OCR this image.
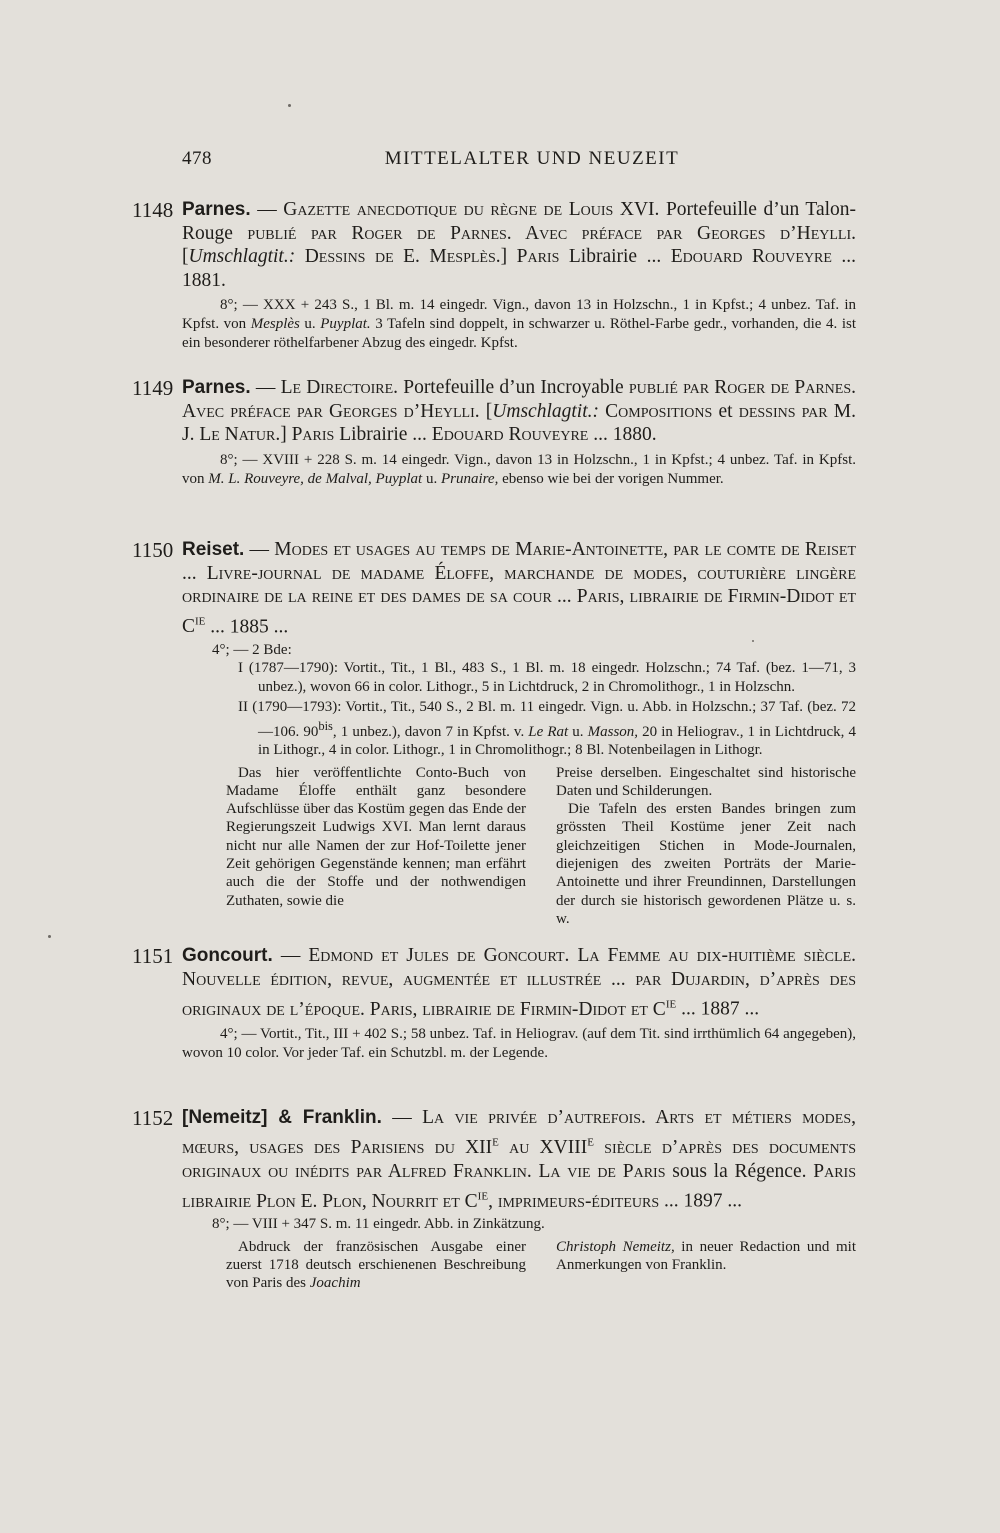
478	MITTELALTER UND NEUZEIT
1148 Parnes. — Gazette anecdotique du règne de Louis XVI. Portefeuille d’un Talon-Rouge publié par Roger de Parnes. Avec préface par Georges d’Heylli. [Umschlagtit.: Dessins de E. Mesplès.] Paris Librairie ... Edouard Rouveyre ... 1881.
8°; — XXX + 243 S., 1 Bl. m. 14 eingedr. Vign., davon 13 in Holzschn., 1 in Kpfst.; 4 unbez. Taf. in Kpfst. von Mesplès u. Puyplat. 3 Tafeln sind doppelt, in schwarzer u. Röthel-Farbe gedr., vorhanden, die 4. ist ein besonderer röthelfarbener Abzug des eingedr. Kpfst.
1149 Parnes. — Le Directoire. Portefeuille d’un Incroyable publié par Roger de Parnes. Avec préface par Georges d’Heylli. [Umschlagtit.: Compositions et dessins par M. J. Le Natur.] Paris Librairie ... Edouard Rouveyre ... 1880.
8°; — XVIII + 228 S. m. 14 eingedr. Vign., davon 13 in Holzschn., 1 in Kpfst.; 4 unbez. Taf. in Kpfst. von M. L. Rouveyre, de Malval, Puyplat u. Prunaire, ebenso wie bei der vorigen Nummer.
1150 Reiset. — Modes et usages au temps de Marie-Antoinette, par le comte de Reiset ... Livre-journal de madame Éloffe, marchande de modes, couturière lingère ordinaire de la reine et des dames de sa cour ... Paris, librairie de Firmin-Didot et $C^{ie}$ ... 1885 ...
4°; — 2 Bde:
I (1787—1790): Vortit., Tit., 1 Bl., 483 S., 1 Bl. m. 18 eingedr. Holzschn.; 74 Taf. (bez. 1—71, 3 unbez.), wovon 66 in color. Lithogr., 5 in Lichtdruck, 2 in Chromolithogr., 1 in Holzschn.
II (1790—1793): Vortit., Tit., 540 S., 2 Bl. m. 11 eingedr. Vign. u. Abb. in Holzschn.; 37 Taf. (bez. 72—106. $90^{bis}$, 1 unbez.), davon 7 in Kpfst. v. Le Rat u. Masson, 20 in Heliograv., 1 in Lichtdruck, 4 in Lithogr., 4 in color. Lithogr., 1 in Chromolithogr.; 8 Bl. Notenbeilagen in Lithogr.

Das hier veröffentlichte Conto-Buch von Madame Éloffe enthält ganz besondere Aufschlüsse über das Kostüm gegen das Ende der Regierungszeit Ludwigs XVI. Man lernt daraus nicht nur alle Namen der zur Hof-Toilette jener Zeit gehörigen Gegenstände kennen; man erfährt auch die der Stoffe und der nothwendigen Zuthaten, sowie die

Preise derselben. Eingeschaltet sind historische Daten und Schilderungen.

Die Tafeln des ersten Bandes bringen zum grössten Theil Kostüme jener Zeit nach gleichzeitigen Stichen in Mode-Journalen, diejenigen des zweiten Porträts der Marie-Antoinette und ihrer Freundinnen, Darstellungen der durch sie historisch gewordenen Plätze u. s. w.

1151 Goncourt. — Edmond et Jules de Goncourt. La Femme au dix-huitième siècle. Nouvelle édition, revue, augmentée et illustrée ... par Dujardin, d’après des originaux de l’époque. Paris, librairie de Firmin-Didot et $C^{ie}$ ... 1887 ...
4°; — Vortit., Tit., III + 402 S.; 58 unbez. Taf. in Heliograv. (auf dem Tit. sind irrthümlich 64 angegeben), wovon 10 color. Vor jeder Taf. ein Schutzbl. m. der Legende.
1152 [Nemeitz] & Franklin. — La vie privée d’autrefois. Arts et métiers modes, mœurs, usages des Parisiens du XIIe au XVIIIe siècle d’après des documents originaux ou inédits par Alfred Franklin. La vie de Paris sous la Régence. Paris librairie Plon E. Plon, Nourrit et $C^{ie}$, imprimeurs-éditeurs ... 1897 ...
8°; — VIII + 347 S. m. 11 eingedr. Abb. in Zinkätzung.

Abdruck der französischen Ausgabe einer zuerst 1718 deutsch erschienenen Beschreibung von Paris des Joachim

Christoph Nemeitz, in neuer Redaction und mit Anmerkungen von Franklin.
